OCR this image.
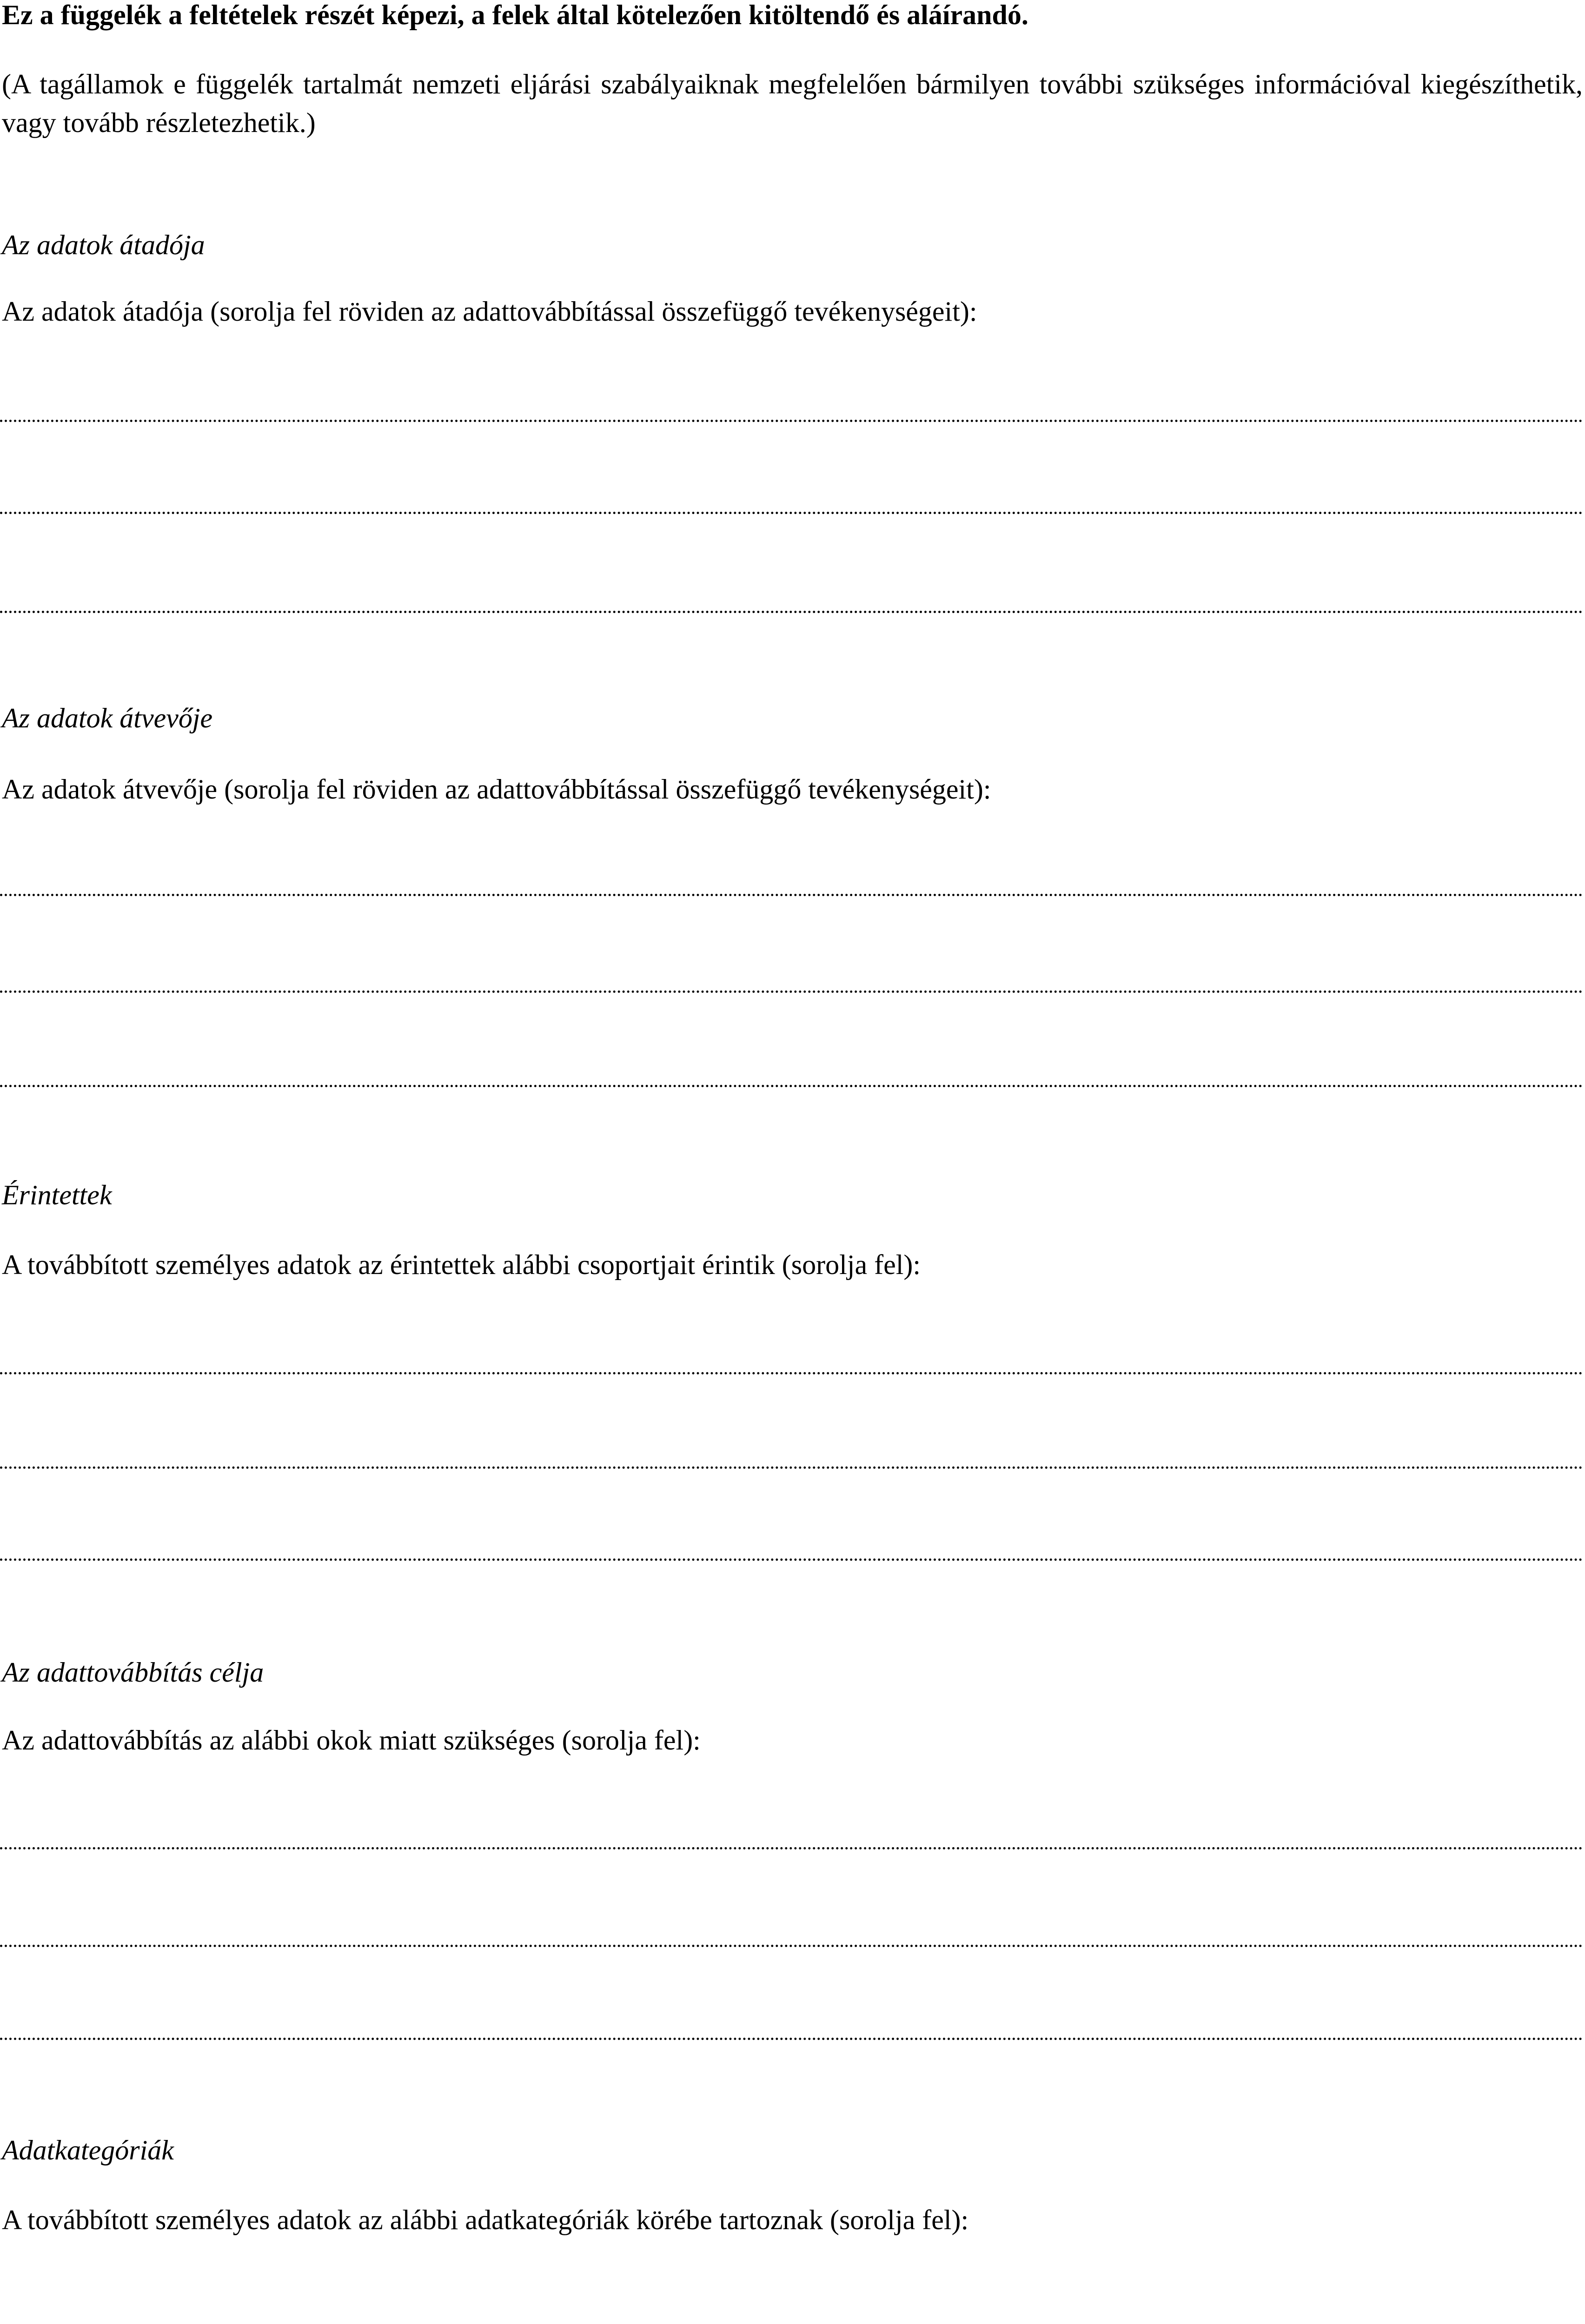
Ez a függelék a feltételek részét képezi, a felek által kötelezően kitöltendő és aláírandó.

(A tagállamok e függelék tartalmát nemzeti eljárási szabályaiknak megfelelően bármilyen további szükséges információval kiegészíthetik, vagy tovább részletezhetik.)

Az adatok átadója

Az adatok átadója (sorolja fel röviden az adattovábbítással összefüggő tevékenységeit):

Az adatok átvevője

Az adatok átvevője (sorolja fel röviden az adattovábbítással összefüggő tevékenységeit):

Érintettek

A továbbított személyes adatok az érintettek alábbi csoportjait érintik (sorolja fel):

Az adattovábbítás célja

Az adattovábbítás az alábbi okok miatt szükséges (sorolja fel):

Adatkategóriák

A továbbított személyes adatok az alábbi adatkategóriák körébe tartoznak (sorolja fel):
